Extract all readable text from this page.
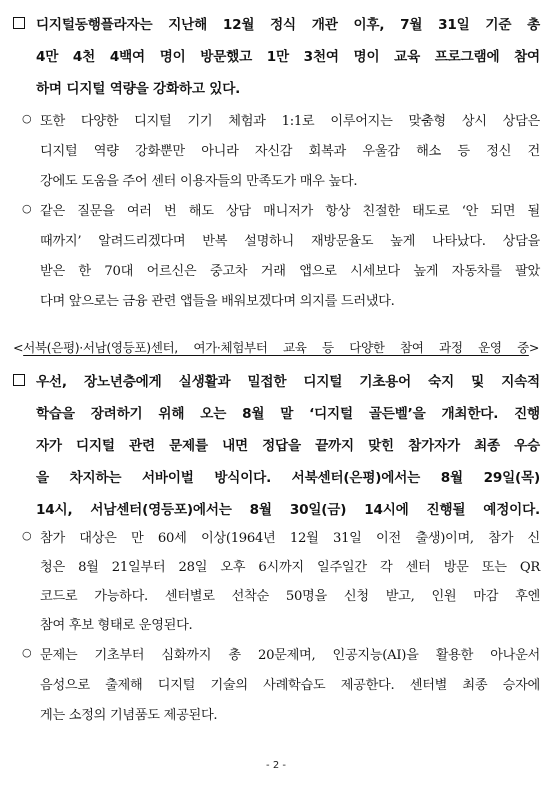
디지털동행플라자는 지난해 12월 정식 개관 이후, 7월 31일 기준 총
4만 4천 4백여 명이 방문했고 1만 3천여 명이 교육 프로그램에 참여
하며 디지털 역량을 강화하고 있다.
○ 또한 다양한 디지털 기기 체험과 1:1로 이루어지는 맞춤형 상시 상담은
디지털 역량 강화뿐만 아니라 자신감 회복과 우울감 해소 등 정신 건
강에도 도움을 주어 센터 이용자들의 만족도가 매우 높다.
○ 같은 질문을 여러 번 해도 상담 매니저가 항상 친절한 태도로 ‘안 되면 될
때까지’ 알려드리겠다며 반복 설명하니 재방문율도 높게 나타났다. 상담을
받은 한 70대 어르신은 중고차 거래 앱으로 시세보다 높게 자동차를 팔았
다며 앞으로는 금융 관련 앱들을 배워보겠다며 의지를 드러냈다.
<서북(은평)·서남(영등포)센터, 여가·체험부터 교육 등 다양한 참여 과정 운영 중>
우선, 장노년층에게 실생활과 밀접한 디지털 기초용어 숙지 및 지속적
학습을 장려하기 위해 오는 8월 말 ‘디지털 골든벨’을 개최한다. 진행
자가 디지털 관련 문제를 내면 정답을 끝까지 맞힌 참가자가 최종 우승
을 차지하는 서바이벌 방식이다. 서북센터(은평)에서는 8월 29일(목)
14시, 서남센터(영등포)에서는 8월 30일(금) 14시에 진행될 예정이다.
○ 참가 대상은 만 60세 이상(1964년 12월 31일 이전 출생)이며, 참가 신
청은 8월 21일부터 28일 오후 6시까지 일주일간 각 센터 방문 또는 QR
코드로 가능하다. 센터별로 선착순 50명을 신청 받고, 인원 마감 후엔
참여 후보 형태로 운영된다.
○ 문제는 기초부터 심화까지 총 20문제며, 인공지능(AI)을 활용한 아나운서
음성으로 출제해 디지털 기술의 사례학습도 제공한다. 센터별 최종 승자에
게는 소정의 기념품도 제공된다.
- 2 -
